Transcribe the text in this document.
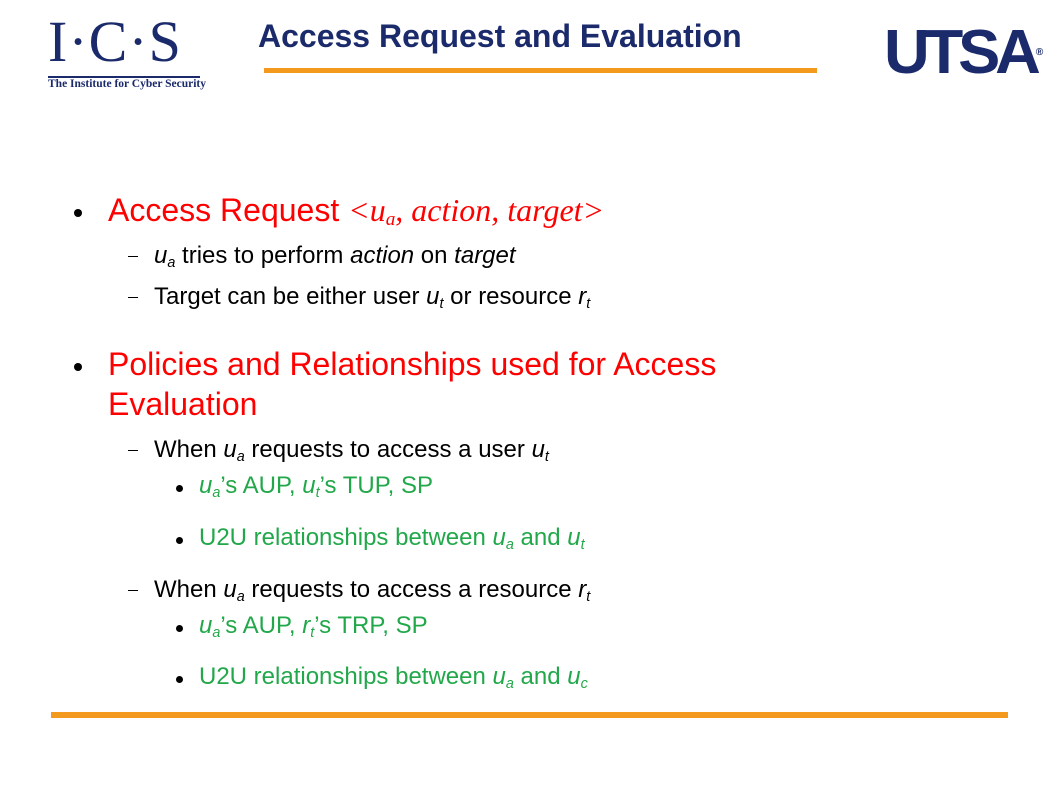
I·C·S
The Institute for Cyber Security
Access Request and Evaluation UTSA®
Access Request $<u_a$, action, target>
$u_a$ tries to perform action on target
Target can be either user $u_t$ or resource $r_t$
Policies and Relationships used for Access
Evaluation
When $u_a$ requests to access a user $u_t$
$u_a’s$ AUP, $u_t’s$ TUP, SP
U2U relationships between $u_a$ and $u_t$
When $u_a$ requests to access a resource $r_t$
$u_a’s$ AUP, $r_t’s$ TRP, SP
U2U relationships between $u_a$ and $u_c$
